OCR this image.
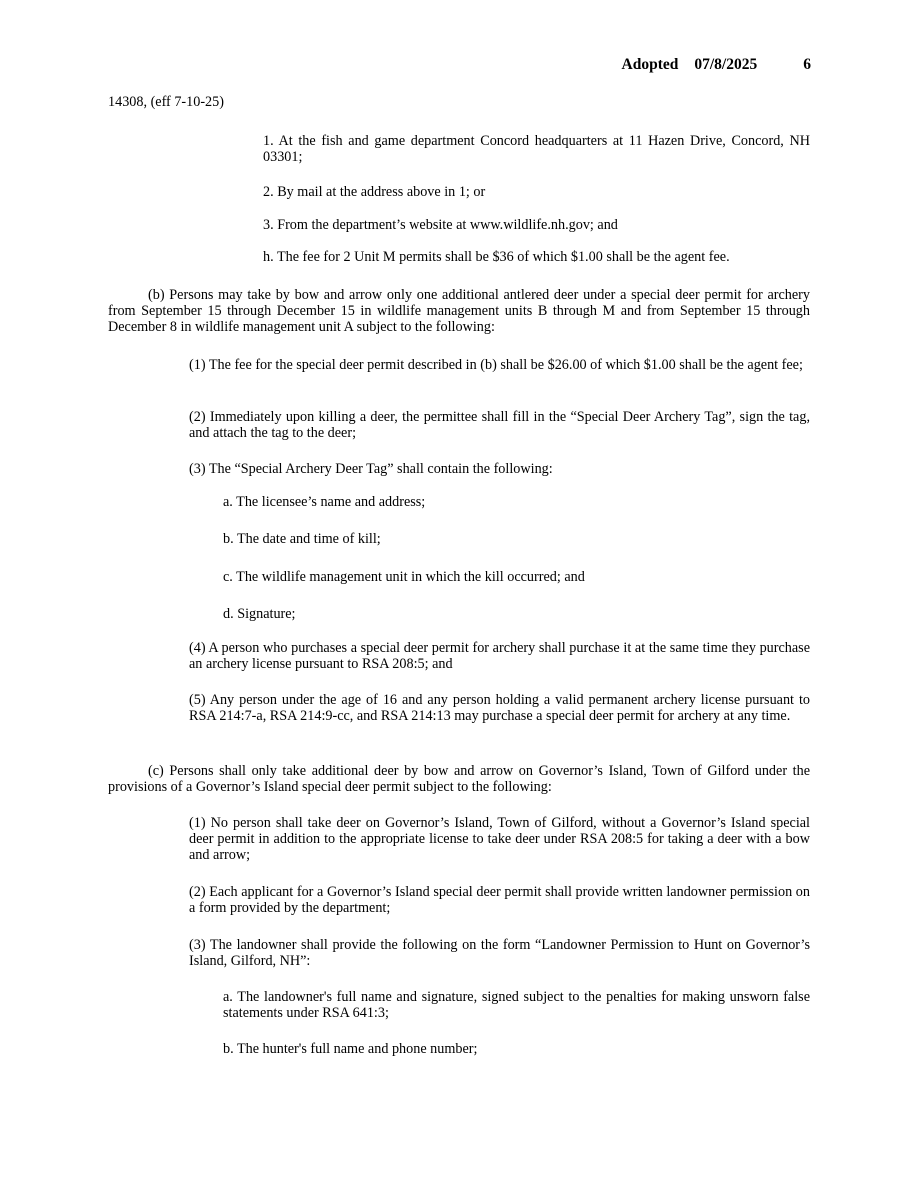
Adopted 07/8/2025	6
14308, (eff 7-10-25)
1. At the fish and game department Concord headquarters at 11 Hazen Drive, Concord, NH 03301;
2. By mail at the address above in 1; or
3. From the department’s website at www.wildlife.nh.gov; and
h. The fee for 2 Unit M permits shall be $36 of which $1.00 shall be the agent fee.
(b) Persons may take by bow and arrow only one additional antlered deer under a special deer permit for archery from September 15 through December 15 in wildlife management units B through M and from September 15 through December 8 in wildlife management unit A subject to the following:
(1) The fee for the special deer permit described in (b) shall be $26.00 of which $1.00 shall be the agent fee;
(2) Immediately upon killing a deer, the permittee shall fill in the “Special Deer Archery Tag”, sign the tag, and attach the tag to the deer;
(3) The “Special Archery Deer Tag” shall contain the following:
a. The licensee’s name and address;
b. The date and time of kill;
c. The wildlife management unit in which the kill occurred; and
d. Signature;
(4) A person who purchases a special deer permit for archery shall purchase it at the same time they purchase an archery license pursuant to RSA 208:5; and
(5) Any person under the age of 16 and any person holding a valid permanent archery license pursuant to RSA 214:7-a, RSA 214:9-cc, and RSA 214:13 may purchase a special deer permit for archery at any time.
(c) Persons shall only take additional deer by bow and arrow on Governor’s Island, Town of Gilford under the provisions of a Governor’s Island special deer permit subject to the following:
(1) No person shall take deer on Governor’s Island, Town of Gilford, without a Governor’s Island special deer permit in addition to the appropriate license to take deer under RSA 208:5 for taking a deer with a bow and arrow;
(2) Each applicant for a Governor’s Island special deer permit shall provide written landowner permission on a form provided by the department;
(3) The landowner shall provide the following on the form “Landowner Permission to Hunt on Governor’s Island, Gilford, NH”:
a. The landowner's full name and signature, signed subject to the penalties for making unsworn false statements under RSA 641:3;
b. The hunter's full name and phone number;
